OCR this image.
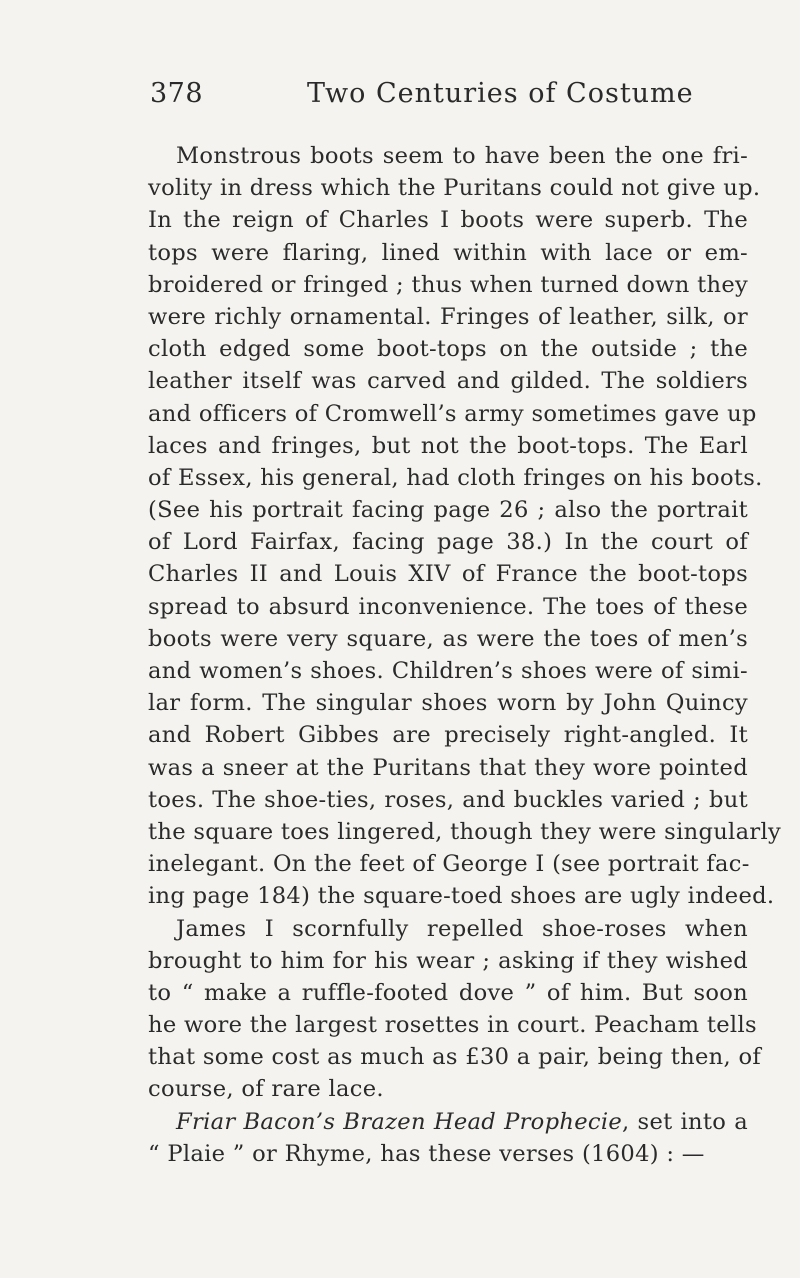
378	Two Centuries of Costume
Monstrous boots seem to have been the one fri-
volity in dress which the Puritans could not give up.
In the reign of Charles I boots were superb. The
tops were flaring, lined within with lace or em-
broidered or fringed ; thus when turned down they
were richly ornamental. Fringes of leather, silk, or
cloth edged some boot-tops on the outside ; the
leather itself was carved and gilded. The soldiers
and officers of Cromwell’s army sometimes gave up
laces and fringes, but not the boot-tops. The Earl
of Essex, his general, had cloth fringes on his boots.
(See his portrait facing page 26 ; also the portrait
of Lord Fairfax, facing page 38.) In the court of
Charles II and Louis XIV of France the boot-tops
spread to absurd inconvenience. The toes of these
boots were very square, as were the toes of men’s
and women’s shoes. Children’s shoes were of simi-
lar form. The singular shoes worn by John Quincy
and Robert Gibbes are precisely right-angled. It
was a sneer at the Puritans that they wore pointed
toes. The shoe-ties, roses, and buckles varied ; but
the square toes lingered, though they were singularly
inelegant. On the feet of George I (see portrait fac-
ing page 184) the square-toed shoes are ugly indeed.
James I scornfully repelled shoe-roses when
brought to him for his wear ; asking if they wished
to “ make a ruffle-footed dove ” of him. But soon
he wore the largest rosettes in court. Peacham tells
that some cost as much as £30 a pair, being then, of
course, of rare lace.
Friar Bacon’s Brazen Head Prophecie, set into a
“ Plaie ” or Rhyme, has these verses (1604) : —
